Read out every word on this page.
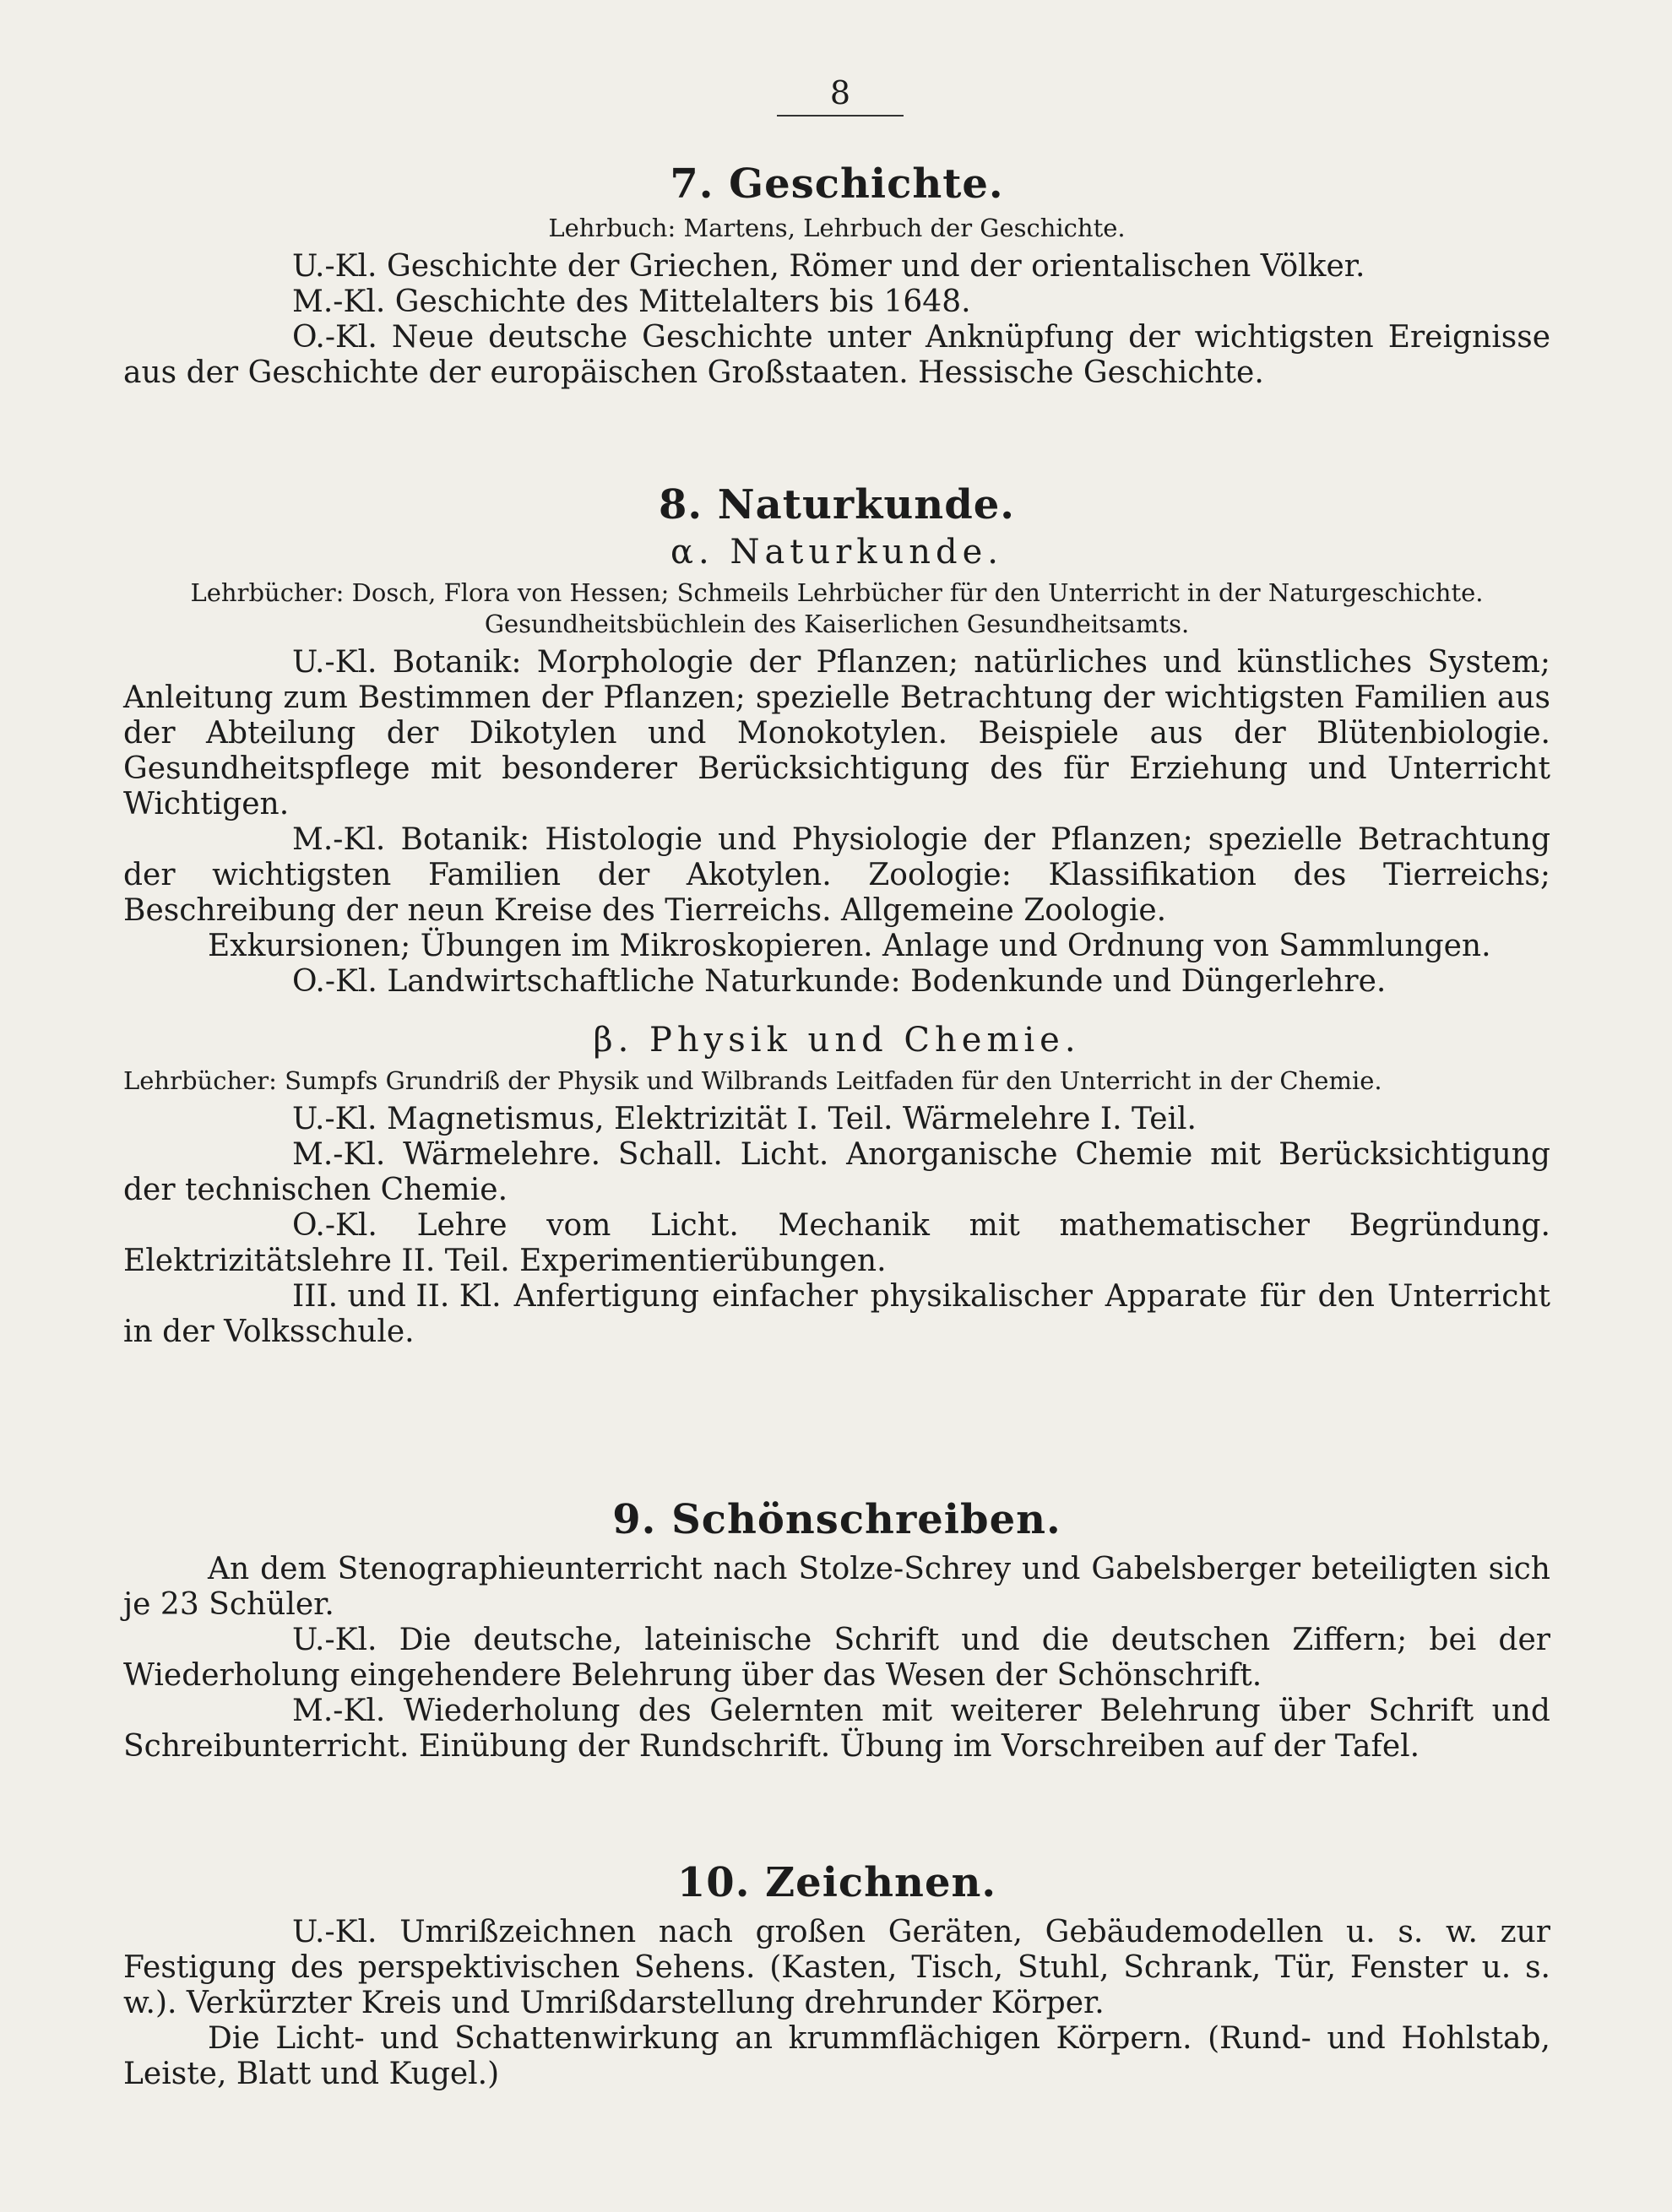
8
7. Geschichte.

Lehrbuch: Martens, Lehrbuch der Geschichte.

U.-Kl. Geschichte der Griechen, Römer und der orientalischen Völker.

M.-Kl. Geschichte des Mittelalters bis 1648.

O.-Kl. Neue deutsche Geschichte unter Anknüpfung der wichtigsten Ereignisse aus der Geschichte der europäischen Großstaaten. Hessische Geschichte.

8. Naturkunde.

α. Naturkunde.

Lehrbücher: Dosch, Flora von Hessen; Schmeils Lehrbücher für den Unterricht in der Naturgeschichte. Gesundheitsbüchlein des Kaiserlichen Gesundheitsamts.

U.-Kl. Botanik: Morphologie der Pflanzen; natürliches und künstliches System; Anleitung zum Bestimmen der Pflanzen; spezielle Betrachtung der wichtigsten Familien aus der Abteilung der Dikotylen und Monokotylen. Beispiele aus der Blütenbiologie. Gesundheitspflege mit besonderer Berücksichtigung des für Erziehung und Unterricht Wichtigen.

M.-Kl. Botanik: Histologie und Physiologie der Pflanzen; spezielle Betrachtung der wichtigsten Familien der Akotylen. Zoologie: Klassifikation des Tierreichs; Beschreibung der neun Kreise des Tierreichs. Allgemeine Zoologie.

Exkursionen; Übungen im Mikroskopieren. Anlage und Ordnung von Sammlungen.

O.-Kl. Landwirtschaftliche Naturkunde: Bodenkunde und Düngerlehre.

β. Physik und Chemie.

Lehrbücher: Sumpfs Grundriß der Physik und Wilbrands Leitfaden für den Unterricht in der Chemie.

U.-Kl. Magnetismus, Elektrizität I. Teil. Wärmelehre I. Teil.

M.-Kl. Wärmelehre. Schall. Licht. Anorganische Chemie mit Berücksichtigung der technischen Chemie.

O.-Kl. Lehre vom Licht. Mechanik mit mathematischer Begründung. Elektrizitätslehre II. Teil. Experimentierübungen.

III. und II. Kl. Anfertigung einfacher physikalischer Apparate für den Unterricht in der Volksschule.

9. Schönschreiben.

An dem Stenographieunterricht nach Stolze-Schrey und Gabelsberger beteiligten sich je 23 Schüler.

U.-Kl. Die deutsche, lateinische Schrift und die deutschen Ziffern; bei der Wiederholung eingehendere Belehrung über das Wesen der Schönschrift.

M.-Kl. Wiederholung des Gelernten mit weiterer Belehrung über Schrift und Schreibunterricht. Einübung der Rundschrift. Übung im Vorschreiben auf der Tafel.

10. Zeichnen.

U.-Kl. Umrißzeichnen nach großen Geräten, Gebäudemodellen u. s. w. zur Festigung des perspektivischen Sehens. (Kasten, Tisch, Stuhl, Schrank, Tür, Fenster u. s. w.). Verkürzter Kreis und Umrißdarstellung drehrunder Körper.

Die Licht- und Schattenwirkung an krummflächigen Körpern. (Rund- und Hohlstab, Leiste, Blatt und Kugel.)
